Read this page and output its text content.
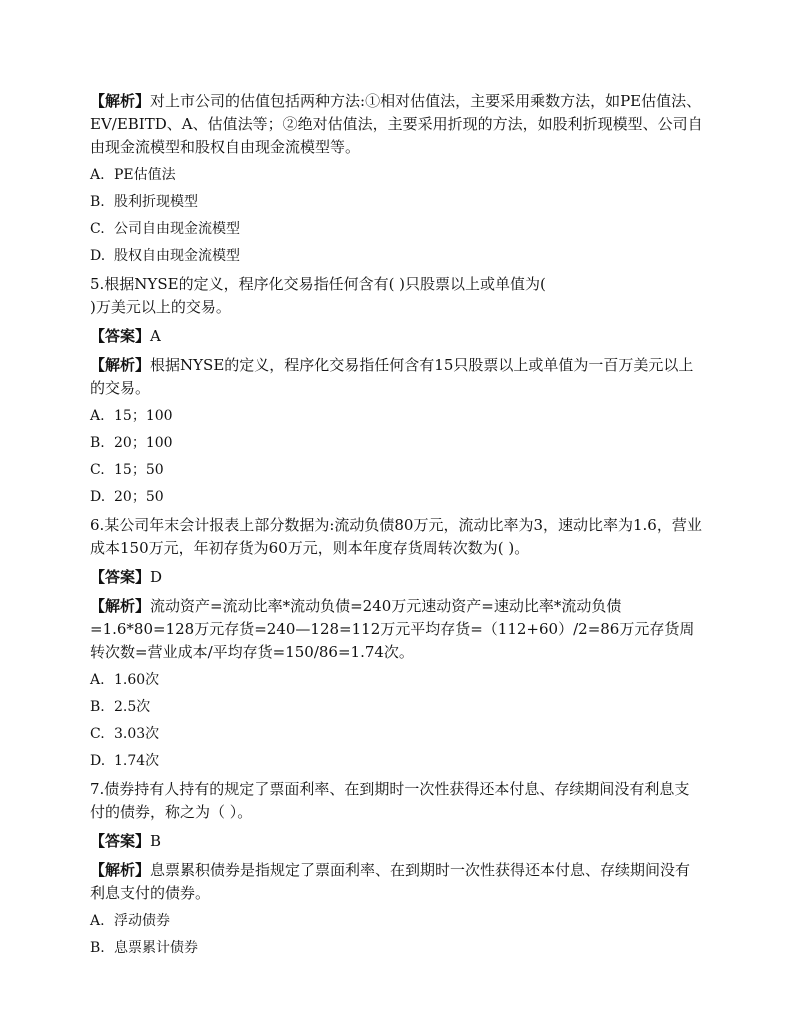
【解析】对上市公司的估值包括两种方法:①相对估值法，主要采用乘数方法，如PE估值法、EV/EBITD、A、估值法等；②绝对估值法，主要采用折现的方法，如股利折现模型、公司自由现金流模型和股权自由现金流模型等。

A. PE估值法

B. 股利折现模型

C. 公司自由现金流模型

D. 股权自由现金流模型

5.根据NYSE的定义，程序化交易指任何含有( )只股票以上或单值为(
)万美元以上的交易。

【答案】A

【解析】根据NYSE的定义，程序化交易指任何含有15只股票以上或单值为一百万美元以上的交易。

A. 15；100

B. 20；100

C. 15；50

D. 20；50

6.某公司年末会计报表上部分数据为:流动负债80万元，流动比率为3，速动比率为1.6，营业成本150万元，年初存货为60万元，则本年度存货周转次数为( )。

【答案】D

【解析】流动资产=流动比率*流动负债=240万元速动资产=速动比率*流动负债=1.6*80=128万元存货=240—128=112万元平均存货=（112+60）/2=86万元存货周转次数=营业成本/平均存货=150/86=1.74次。

A. 1.60次

B. 2.5次

C. 3.03次

D. 1.74次

7.债券持有人持有的规定了票面利率、在到期时一次性获得还本付息、存续期间没有利息支付的债券，称之为（ ）。

【答案】B

【解析】息票累积债券是指规定了票面利率、在到期时一次性获得还本付息、存续期间没有利息支付的债券。

A. 浮动债券

B. 息票累计债券
